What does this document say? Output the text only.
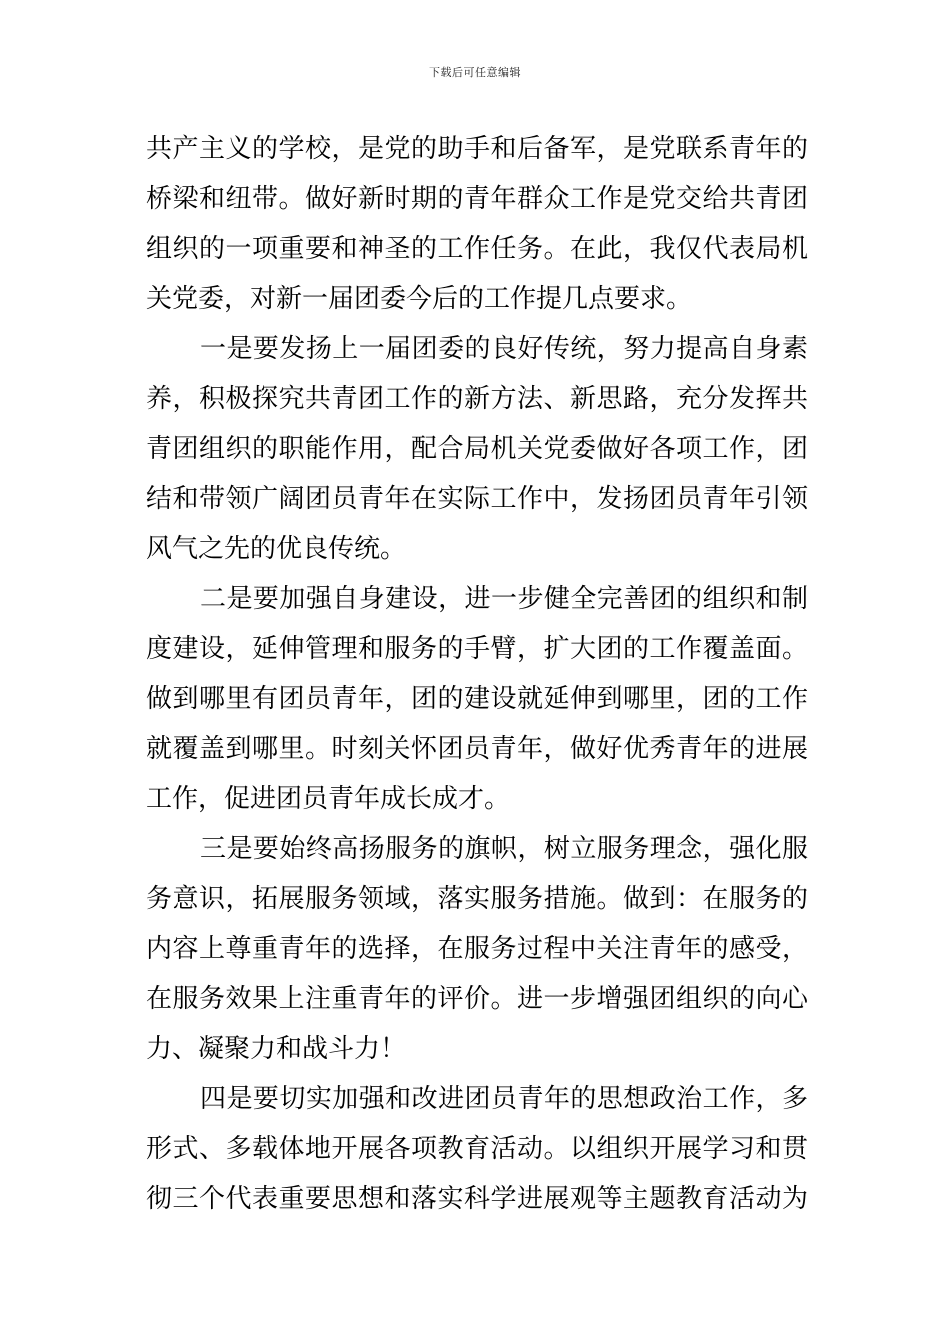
下载后可任意编辑
共产主义的学校，是党的助手和后备军，是党联系青年的
桥梁和纽带。做好新时期的青年群众工作是党交给共青团
组织的一项重要和神圣的工作任务。在此，我仅代表局机
关党委，对新一届团委今后的工作提几点要求。
一是要发扬上一届团委的良好传统，努力提高自身素
养，积极探究共青团工作的新方法、新思路，充分发挥共
青团组织的职能作用，配合局机关党委做好各项工作，团
结和带领广阔团员青年在实际工作中，发扬团员青年引领
风气之先的优良传统。
二是要加强自身建设，进一步健全完善团的组织和制
度建设，延伸管理和服务的手臂，扩大团的工作覆盖面。
做到哪里有团员青年，团的建设就延伸到哪里，团的工作
就覆盖到哪里。时刻关怀团员青年，做好优秀青年的进展
工作，促进团员青年成长成才。
三是要始终高扬服务的旗帜，树立服务理念，强化服
务意识，拓展服务领域，落实服务措施。做到：在服务的
内容上尊重青年的选择，在服务过程中关注青年的感受，
在服务效果上注重青年的评价。进一步增强团组织的向心
力、凝聚力和战斗力！
四是要切实加强和改进团员青年的思想政治工作，多
形式、多载体地开展各项教育活动。以组织开展学习和贯
彻三个代表重要思想和落实科学进展观等主题教育活动为
